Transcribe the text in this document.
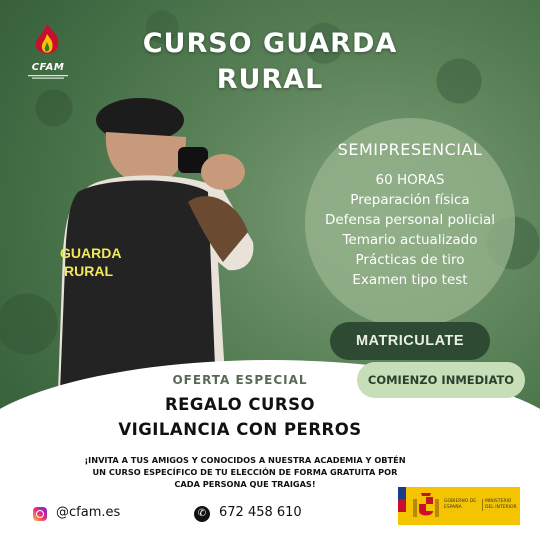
CFAM
CURSO GUARDA
RURAL
GUARDA
RURAL
SEMIPRESENCIAL
60 HORAS
Preparación física
Defensa personal policial
Temario actualizado
Prácticas de tiro
Examen tipo test
MATRICULATE
COMIENZO INMEDIATO
OFERTA ESPECIAL
REGALO CURSO
VIGILANCIA CON PERROS
¡INVITA A TUS AMIGOS Y CONOCIDOS A NUESTRA ACADEMIA Y OBTÉN
UN CURSO ESPECÍFICO DE TU ELECCIÓN DE FORMA GRATUITA POR
CADA PERSONA QUE TRAIGAS!
@cfam.es	✆ 672 458 610
GOBIERNO DE ESPAÑA
MINISTERIO DEL INTERIOR
